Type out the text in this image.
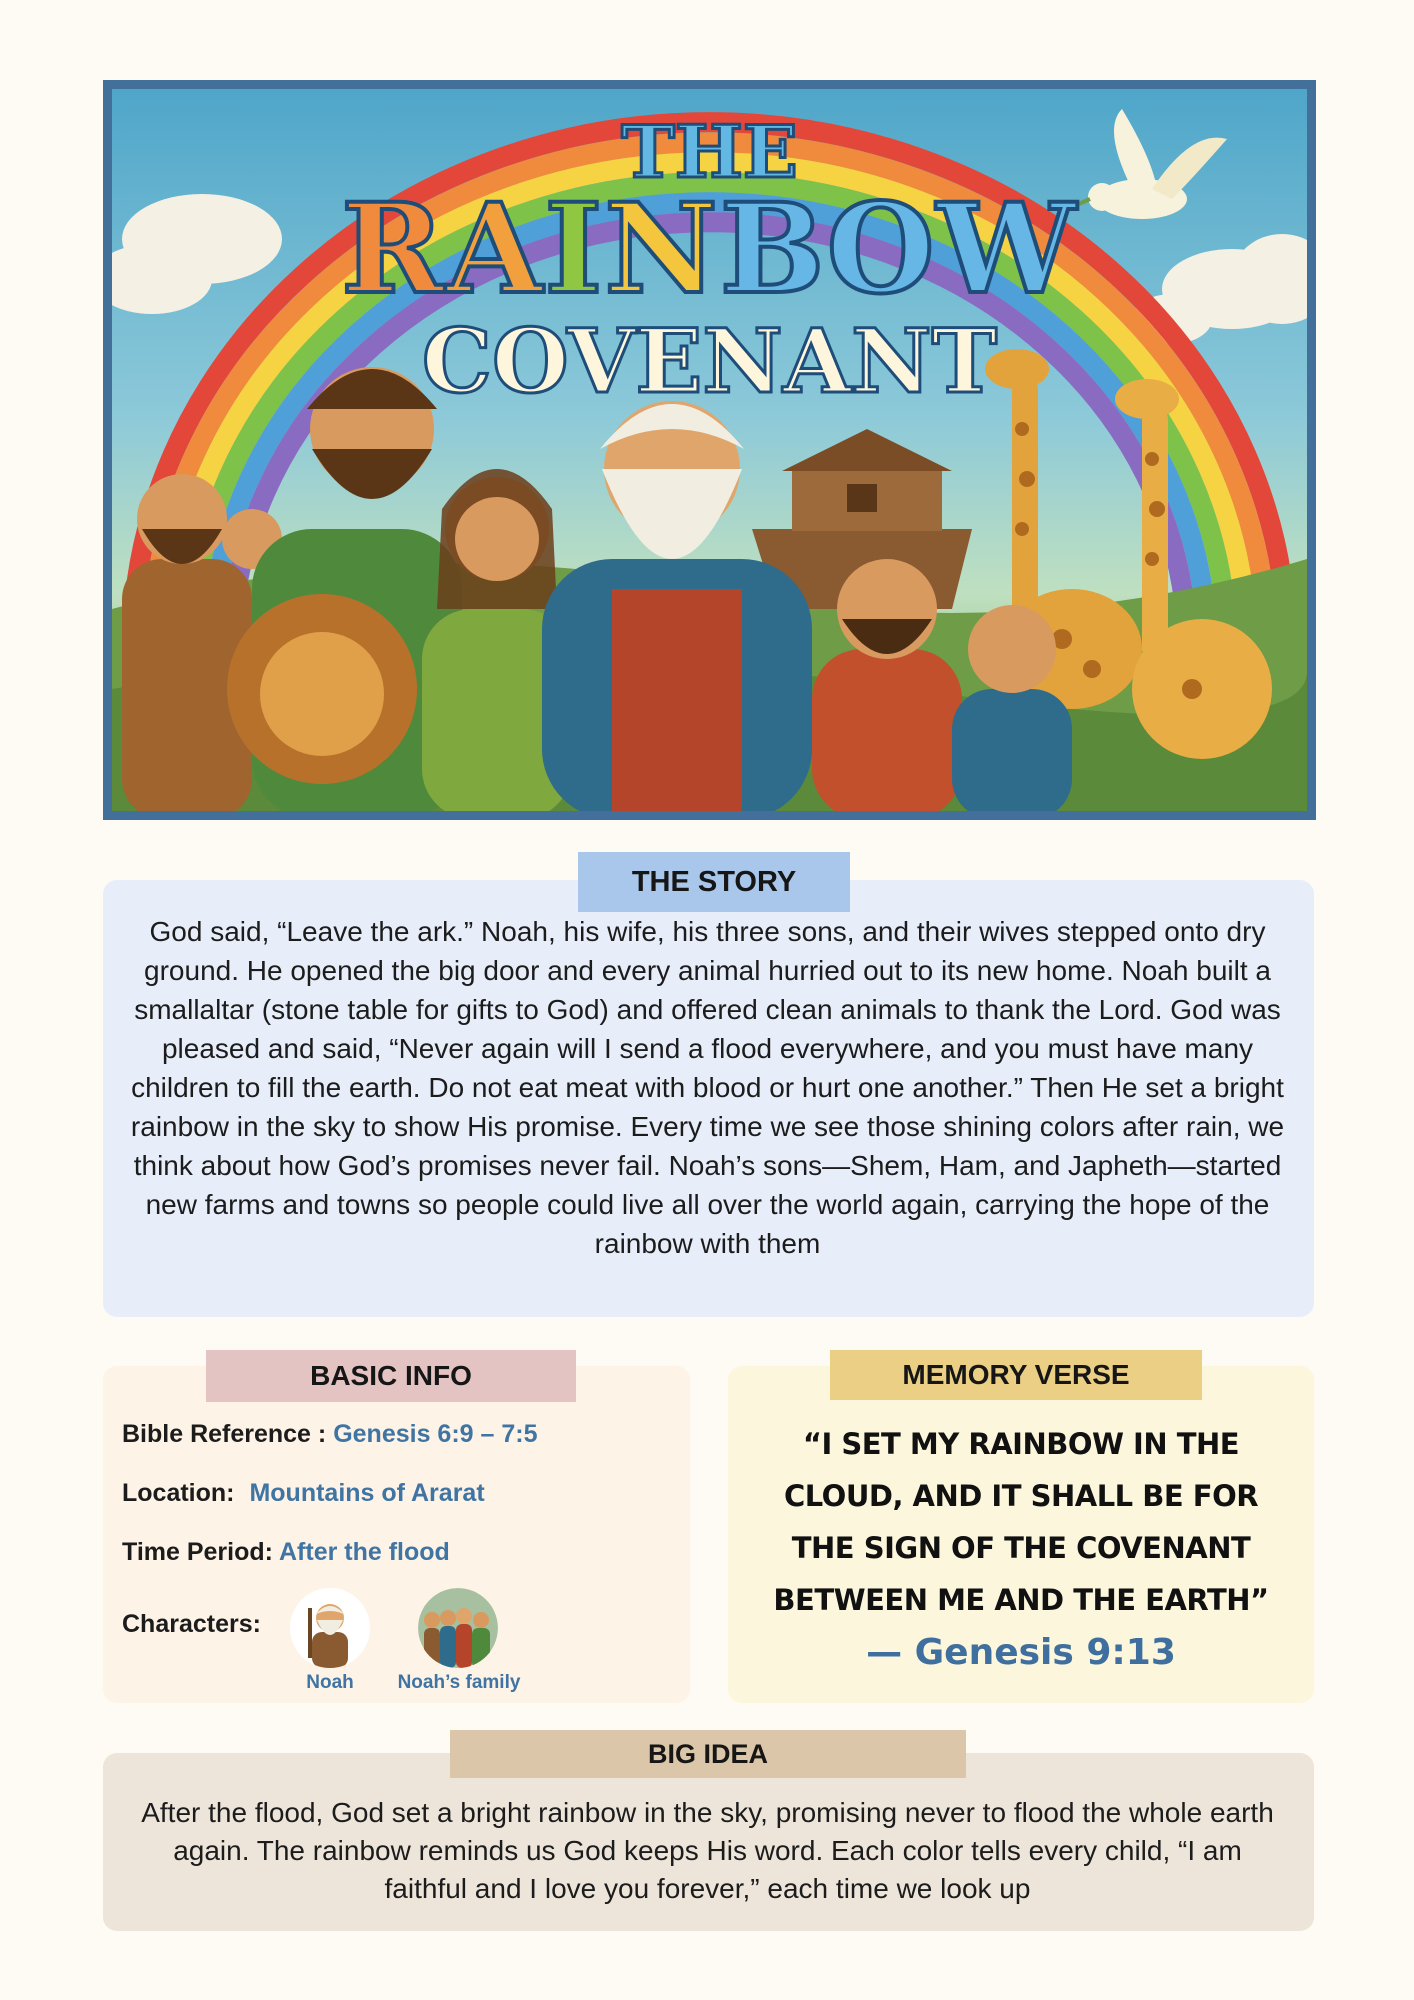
THE

RAINBOW

COVENANT

THE STORY

God said, “Leave the ark.” Noah, his wife, his three sons, and their wives stepped onto dry ground. He opened the big door and every animal hurried out to its new home. Noah built a smallaltar (stone table for gifts to God) and offered clean animals to thank the Lord. God was pleased and said, “Never again will I send a flood everywhere, and you must have many children to fill the earth. Do not eat meat with blood or hurt one another.” Then He set a bright rainbow in the sky to show His promise. Every time we see those shining colors after rain, we think about how God’s promises never fail. Noah’s sons—Shem, Ham, and Japheth—started new farms and towns so people could live all over the world again, carrying the hope of the rainbow with them

BASIC INFO
Bible Reference : Genesis 6:9 – 7:5
Location: Mountains of Ararat
Time Period: After the flood
Characters:
Noah	Noah’s family
MEMORY VERSE

“I SET MY RAINBOW IN THE CLOUD, AND IT SHALL BE FOR THE SIGN OF THE COVENANT BETWEEN ME AND THE EARTH”

— Genesis 9:13

BIG IDEA

After the flood, God set a bright rainbow in the sky, promising never to flood the whole earth again. The rainbow reminds us God keeps His word. Each color tells every child, “I am faithful and I love you forever,” each time we look up
